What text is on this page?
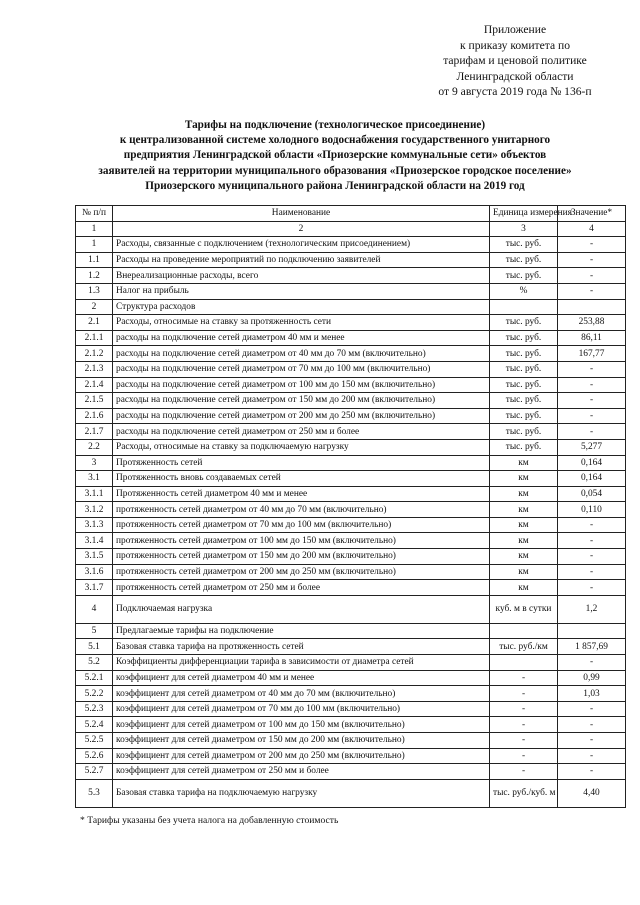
Приложение
к приказу комитета по
тарифам и ценовой политике
Ленинградской области
от 9 августа 2019 года № 136-п
Тарифы на подключение (технологическое присоединение)
к централизованной системе холодного водоснабжения государственного унитарного
предприятия Ленинградской области «Приозерские коммунальные сети» объектов
заявителей на территории муниципального образования «Приозерское городское поселение»
Приозерского муниципального района Ленинградской области на 2019 год
№ п/п	Наименование	Единица измерения	Значение*
1	2	3	4
1	Расходы, связанные с подключением (технологическим присоединением)	тыс. руб.	-
1.1	Расходы на проведение мероприятий по подключению заявителей	тыс. руб.	-
1.2	Внереализационные расходы, всего	тыс. руб.	-
1.3	Налог на прибыль	%	-
2	Структура расходов		
2.1	Расходы, относимые на ставку за протяженность сети	тыс. руб.	253,88
2.1.1	расходы на подключение сетей диаметром 40 мм и менее	тыс. руб.	86,11
2.1.2	расходы на подключение сетей диаметром от 40 мм до 70 мм (включительно)	тыс. руб.	167,77
2.1.3	расходы на подключение сетей диаметром от 70 мм до 100 мм (включительно)	тыс. руб.	-
2.1.4	расходы на подключение сетей диаметром от 100 мм до 150 мм (включительно)	тыс. руб.	-
2.1.5	расходы на подключение сетей диаметром от 150 мм до 200 мм (включительно)	тыс. руб.	-
2.1.6	расходы на подключение сетей диаметром от 200 мм до 250 мм (включительно)	тыс. руб.	-
2.1.7	расходы на подключение сетей диаметром от 250 мм и более	тыс. руб.	-
2.2	Расходы, относимые на ставку за подключаемую нагрузку	тыс. руб.	5,277
3	Протяженность сетей	км	0,164
3.1	Протяженность вновь создаваемых сетей	км	0,164
3.1.1	Протяженность сетей диаметром 40 мм и менее	км	0,054
3.1.2	протяженность сетей диаметром от 40 мм до 70 мм (включительно)	км	0,110
3.1.3	протяженность сетей диаметром от 70 мм до 100 мм (включительно)	км	-
3.1.4	протяженность сетей диаметром от 100 мм до 150 мм (включительно)	км	-
3.1.5	протяженность сетей диаметром от 150 мм до 200 мм (включительно)	км	-
3.1.6	протяженность сетей диаметром от 200 мм до 250 мм (включительно)	км	-
3.1.7	протяженность сетей диаметром от 250 мм и более	км	-
4	Подключаемая нагрузка	куб. м в сутки	1,2
5	Предлагаемые тарифы на подключение		
5.1	Базовая ставка тарифа на протяженность сетей	тыс. руб./км	1 857,69
5.2	Коэффициенты дифференциации тарифа в зависимости от диаметра сетей		-
5.2.1	коэффициент для сетей диаметром 40 мм и менее	-	0,99
5.2.2	коэффициент для сетей диаметром от 40 мм до 70 мм (включительно)	-	1,03
5.2.3	коэффициент для сетей диаметром от 70 мм до 100 мм (включительно)	-	-
5.2.4	коэффициент для сетей диаметром от 100 мм до 150 мм (включительно)	-	-
5.2.5	коэффициент для сетей диаметром от 150 мм до 200 мм (включительно)	-	-
5.2.6	коэффициент для сетей диаметром от 200 мм до 250 мм (включительно)	-	-
5.2.7	коэффициент для сетей диаметром от 250 мм и более	-	-
5.3	Базовая ставка тарифа на подключаемую нагрузку	тыс. руб./куб. м	4,40
* Тарифы указаны без учета налога на добавленную стоимость
